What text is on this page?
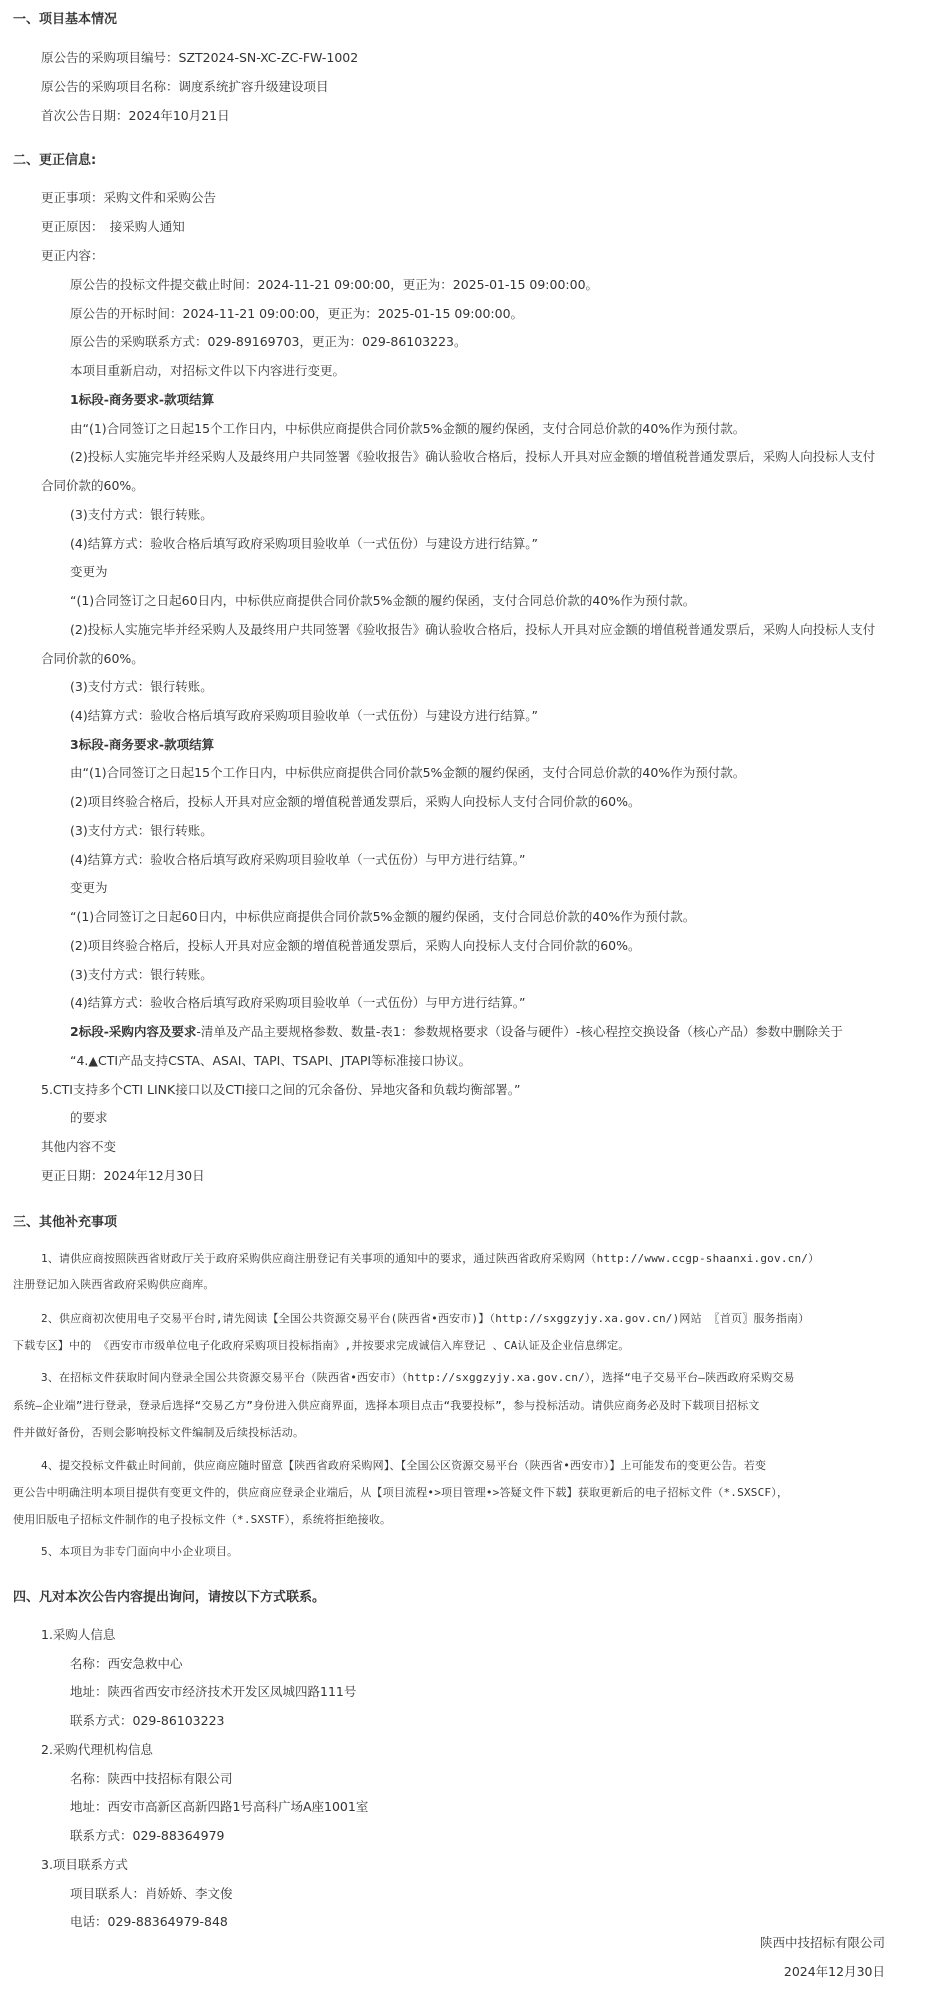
一、项目基本情况
原公告的采购项目编号：SZT2024-SN-XC-ZC-FW-1002
原公告的采购项目名称：调度系统扩容升级建设项目
首次公告日期：2024年10月21日
二、更正信息:
更正事项：采购文件和采购公告
更正原因：　接采购人通知
更正内容：
原公告的投标文件提交截止时间：2024-11-21 09:00:00，更正为：2025-01-15 09:00:00。
原公告的开标时间：2024-11-21 09:00:00，更正为：2025-01-15 09:00:00。
原公告的采购联系方式：029-89169703，更正为：029-86103223。
本项目重新启动，对招标文件以下内容进行变更。
1标段-商务要求-款项结算
由“(1)合同签订之日起15个工作日内，中标供应商提供合同价款5%金额的履约保函，支付合同总价款的40%作为预付款。
(2)投标人实施完毕并经采购人及最终用户共同签署《验收报告》确认验收合格后，投标人开具对应金额的增值税普通发票后，采购人向投标人支付
合同价款的60%。
(3)支付方式：银行转账。
(4)结算方式：验收合格后填写政府采购项目验收单（一式伍份）与建设方进行结算。”
变更为
“(1)合同签订之日起60日内，中标供应商提供合同价款5%金额的履约保函，支付合同总价款的40%作为预付款。
(2)投标人实施完毕并经采购人及最终用户共同签署《验收报告》确认验收合格后，投标人开具对应金额的增值税普通发票后，采购人向投标人支付
合同价款的60%。
(3)支付方式：银行转账。
(4)结算方式：验收合格后填写政府采购项目验收单（一式伍份）与建设方进行结算。”
3标段-商务要求-款项结算
由“(1)合同签订之日起15个工作日内，中标供应商提供合同价款5%金额的履约保函，支付合同总价款的40%作为预付款。
(2)项目终验合格后，投标人开具对应金额的增值税普通发票后，采购人向投标人支付合同价款的60%。
(3)支付方式：银行转账。
(4)结算方式：验收合格后填写政府采购项目验收单（一式伍份）与甲方进行结算。”
变更为
“(1)合同签订之日起60日内，中标供应商提供合同价款5%金额的履约保函，支付合同总价款的40%作为预付款。
(2)项目终验合格后，投标人开具对应金额的增值税普通发票后，采购人向投标人支付合同价款的60%。
(3)支付方式：银行转账。
(4)结算方式：验收合格后填写政府采购项目验收单（一式伍份）与甲方进行结算。”
2标段-采购内容及要求-清单及产品主要规格参数、数量-表1：参数规格要求（设备与硬件）-核心程控交换设备（核心产品）参数中删除关于
“4.▲CTI产品支持CSTA、ASAI、TAPI、TSAPI、JTAPI等标准接口协议。
5.CTI支持多个CTI LINK接口以及CTI接口之间的冗余备份、异地灾备和负载均衡部署。”
的要求
其他内容不变
更正日期：2024年12月30日
三、其他补充事项
1、请供应商按照陕西省财政厅关于政府采购供应商注册登记有关事项的通知中的要求，通过陕西省政府采购网（http://www.ccgp-shaanxi.gov.cn/）
注册登记加入陕西省政府采购供应商库。
2、供应商初次使用电子交易平台时,请先阅读【全国公共资源交易平台(陕西省•西安市)】（http://sxggzyjy.xa.gov.cn/)网站 〖首页〗服务指南）
下载专区】中的 《西安市市级单位电子化政府采购项目投标指南》,并按要求完成诚信入库登记 、CA认证及企业信息绑定。
3、在招标文件获取时间内登录全国公共资源交易平台（陕西省•西安市）（http://sxggzyjy.xa.gov.cn/），选择“电子交易平台—陕西政府采购交易
系统—企业端”进行登录，登录后选择“交易乙方”身份进入供应商界面，选择本项目点击“我要投标”，参与投标活动。请供应商务必及时下载项目招标文
件并做好备份，否则会影响投标文件编制及后续投标活动。
4、提交投标文件截止时间前，供应商应随时留意【陕西省政府采购网】、【全国公区资源交易平台（陕西省•西安市）】上可能发布的变更公告。若变
更公告中明确注明本项目提供有变更文件的，供应商应登录企业端后，从【项目流程•>项目管理•>答疑文件下载】获取更新后的电子招标文件（*.SXSCF），
使用旧版电子招标文件制作的电子投标文件（*.SXSTF），系统将拒绝接收。
5、本项目为非专门面向中小企业项目。
四、凡对本次公告内容提出询问，请按以下方式联系。
1.采购人信息
名称：西安急救中心
地址：陕西省西安市经济技术开发区凤城四路111号
联系方式：029-86103223
2.采购代理机构信息
名称：陕西中技招标有限公司
地址：西安市高新区高新四路1号高科广场A座1001室
联系方式：029-88364979
3.项目联系方式
项目联系人：肖娇娇、李文俊
电话：029-88364979-848
陕西中技招标有限公司
2024年12月30日
